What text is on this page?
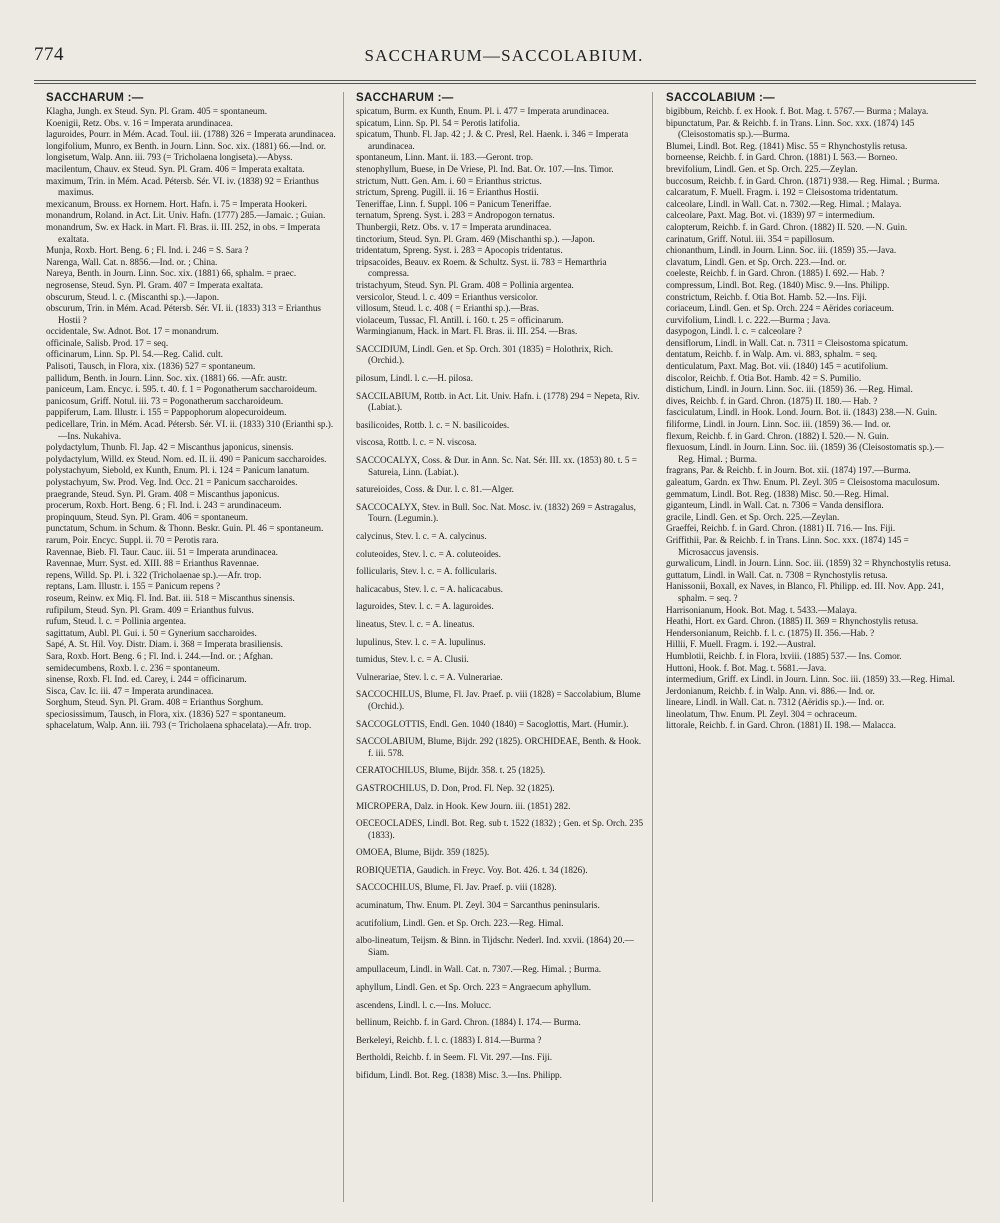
774	SACCHARUM—SACCOLABIUM.
SACCHARUM :—

Klagha, Jungh. ex Steud. Syn. Pl. Gram. 405 = spontaneum.

Koenigii, Retz. Obs. v. 16 = Imperata arundinacea.

laguroides, Pourr. in Mém. Acad. Toul. iii. (1788) 326 = Imperata arundinacea.

longifolium, Munro, ex Benth. in Journ. Linn. Soc. xix. (1881) 66.—Ind. or.

longisetum, Walp. Ann. iii. 793 (= Tricholaena longiseta).—Abyss.

macilentum, Chauv. ex Steud. Syn. Pl. Gram. 406 = Imperata exaltata.

maximum, Trin. in Mém. Acad. Pétersb. Sér. VI. iv. (1838) 92 = Erianthus maximus.

mexicanum, Brouss. ex Hornem. Hort. Hafn. i. 75 = Imperata Hookeri.

monandrum, Roland. in Act. Lit. Univ. Hafn. (1777) 285.—Jamaic. ; Guian.

monandrum, Sw. ex Hack. in Mart. Fl. Bras. ii. III. 252, in obs. = Imperata exaltata.

Munja, Roxb. Hort. Beng. 6 ; Fl. Ind. i. 246 = S. Sara ?

Narenga, Wall. Cat. n. 8856.—Ind. or. ; China.

Nareya, Benth. in Journ. Linn. Soc. xix. (1881) 66, sphalm. = praec.

negrosense, Steud. Syn. Pl. Gram. 407 = Imperata exaltata.

obscurum, Steud. l. c. (Miscanthi sp.).—Japon.

obscurum, Trin. in Mém. Acad. Pétersb. Sér. VI. ii. (1833) 313 = Erianthus Hostii ?

occidentale, Sw. Adnot. Bot. 17 = monandrum.

officinale, Salisb. Prod. 17 = seq.

officinarum, Linn. Sp. Pl. 54.—Reg. Calid. cult.

Palisoti, Tausch, in Flora, xix. (1836) 527 = spontaneum.

pallidum, Benth. in Journ. Linn. Soc. xix. (1881) 66. —Afr. austr.

paniceum, Lam. Encyc. i. 595. t. 40. f. 1 = Pogonatherum saccharoideum.

panicosum, Griff. Notul. iii. 73 = Pogonatherum saccharoideum.

pappiferum, Lam. Illustr. i. 155 = Pappophorum alopecuroideum.

pedicellare, Trin. in Mém. Acad. Pétersb. Sér. VI. ii. (1833) 310 (Erianthi sp.).—Ins. Nukahiva.

polydactylum, Thunb. Fl. Jap. 42 = Miscanthus japonicus, sinensis.

polydactylum, Willd. ex Steud. Nom. ed. II. ii. 490 = Panicum saccharoides.

polystachyum, Siebold, ex Kunth, Enum. Pl. i. 124 = Panicum lanatum.

polystachyum, Sw. Prod. Veg. Ind. Occ. 21 = Panicum saccharoides.

praegrande, Steud. Syn. Pl. Gram. 408 = Miscanthus japonicus.

procerum, Roxb. Hort. Beng. 6 ; Fl. Ind. i. 243 = arundinaceum.

propinquum, Steud. Syn. Pl. Gram. 406 = spontaneum.

punctatum, Schum. in Schum. & Thonn. Beskr. Guin. Pl. 46 = spontaneum.

rarum, Poir. Encyc. Suppl. ii. 70 = Perotis rara.

Ravennae, Bieb. Fl. Taur. Cauc. iii. 51 = Imperata arundinacea.

Ravennae, Murr. Syst. ed. XIII. 88 = Erianthus Ravennae.

repens, Willd. Sp. Pl. i. 322 (Tricholaenae sp.).—Afr. trop.

reptans, Lam. Illustr. i. 155 = Panicum repens ?

roseum, Reinw. ex Miq. Fl. Ind. Bat. iii. 518 = Miscanthus sinensis.

rufipilum, Steud. Syn. Pl. Gram. 409 = Erianthus fulvus.

rufum, Steud. l. c. = Pollinia argentea.

sagittatum, Aubl. Pl. Gui. i. 50 = Gynerium saccharoides.

Sapé, A. St. Hil. Voy. Distr. Diam. i. 368 = Imperata brasiliensis.

Sara, Roxb. Hort. Beng. 6 ; Fl. Ind. i. 244.—Ind. or. ; Afghan.

semidecumbens, Roxb. l. c. 236 = spontaneum.

sinense, Roxb. Fl. Ind. ed. Carey, i. 244 = officinarum.

Sisca, Cav. Ic. iii. 47 = Imperata arundinacea.

Sorghum, Steud. Syn. Pl. Gram. 408 = Erianthus Sorghum.

speciosissimum, Tausch, in Flora, xix. (1836) 527 = spontaneum.

sphacelatum, Walp. Ann. iii. 793 (= Tricholaena sphacelata).—Afr. trop.

SACCHARUM :—

spicatum, Burm. ex Kunth, Enum. Pl. i. 477 = Imperata arundinacea.

spicatum, Linn. Sp. Pl. 54 = Perotis latifolia.

spicatum, Thunb. Fl. Jap. 42 ; J. & C. Presl, Rel. Haenk. i. 346 = Imperata arundinacea.

spontaneum, Linn. Mant. ii. 183.—Geront. trop.

stenophyllum, Buese, in De Vriese, Pl. Ind. Bat. Or. 107.—Ins. Timor.

strictum, Nutt. Gen. Am. i. 60 = Erianthus strictus.

strictum, Spreng. Pugill. ii. 16 = Erianthus Hostii.

Teneriffae, Linn. f. Suppl. 106 = Panicum Teneriffae.

ternatum, Spreng. Syst. i. 283 = Andropogon ternatus.

Thunbergii, Retz. Obs. v. 17 = Imperata arundinacea.

tinctorium, Steud. Syn. Pl. Gram. 469 (Mischanthi sp.). —Japon.

tridentatum, Spreng. Syst. i. 283 = Apocopis tridentatus.

tripsacoides, Beauv. ex Roem. & Schultz. Syst. ii. 783 = Hemarthria compressa.

tristachyum, Steud. Syn. Pl. Gram. 408 = Pollinia argentea.

versicolor, Steud. l. c. 409 = Erianthus versicolor.

villosum, Steud. l. c. 408 ( = Erianthi sp.).—Bras.

violaceum, Tussac, Fl. Antill. i. 160. t. 25 = officinarum.

Warmingianum, Hack. in Mart. Fl. Bras. ii. III. 254. —Bras.

SACCIDIUM, Lindl. Gen. et Sp. Orch. 301 (1835) = Holothrix, Rich. (Orchid.).

pilosum, Lindl. l. c.—H. pilosa.

SACCILABIUM, Rottb. in Act. Lit. Univ. Hafn. i. (1778) 294 = Nepeta, Riv. (Labiat.).

basilicoides, Rottb. l. c. = N. basilicoides.

viscosa, Rottb. l. c. = N. viscosa.

SACCOCALYX, Coss. & Dur. in Ann. Sc. Nat. Sér. III. xx. (1853) 80. t. 5 = Satureia, Linn. (Labiat.).

satureioides, Coss. & Dur. l. c. 81.—Alger.

SACCOCALYX, Stev. in Bull. Soc. Nat. Mosc. iv. (1832) 269 = Astragalus, Tourn. (Legumin.).

calycinus, Stev. l. c. = A. calycinus.

coluteoides, Stev. l. c. = A. coluteoides.

follicularis, Stev. l. c. = A. follicularis.

halicacabus, Stev. l. c. = A. halicacabus.

laguroides, Stev. l. c. = A. laguroides.

lineatus, Stev. l. c. = A. lineatus.

lupulinus, Stev. l. c. = A. lupulinus.

tumidus, Stev. l. c. = A. Clusii.

Vulnerariae, Stev. l. c. = A. Vulnerariae.

SACCOCHILUS, Blume, Fl. Jav. Praef. p. viii (1828) = Saccolabium, Blume (Orchid.).

SACCOGLOTTIS, Endl. Gen. 1040 (1840) = Sacoglottis, Mart. (Humir.).

SACCOLABIUM, Blume, Bijdr. 292 (1825). ORCHIDEAE, Benth. & Hook. f. iii. 578.

CERATOCHILUS, Blume, Bijdr. 358. t. 25 (1825).

GASTROCHILUS, D. Don, Prod. Fl. Nep. 32 (1825).

MICROPERA, Dalz. in Hook. Kew Journ. iii. (1851) 282.

OECEOCLADES, Lindl. Bot. Reg. sub t. 1522 (1832) ; Gen. et Sp. Orch. 235 (1833).

OMOEA, Blume, Bijdr. 359 (1825).

ROBIQUETIA, Gaudich. in Freyc. Voy. Bot. 426. t. 34 (1826).

SACCOCHILUS, Blume, Fl. Jav. Praef. p. viii (1828).

acuminatum, Thw. Enum. Pl. Zeyl. 304 = Sarcanthus peninsularis.

acutifolium, Lindl. Gen. et Sp. Orch. 223.—Reg. Himal.

albo-lineatum, Teijsm. & Binn. in Tijdschr. Nederl. Ind. xxvii. (1864) 20.—Siam.

ampullaceum, Lindl. in Wall. Cat. n. 7307.—Reg. Himal. ; Burma.

aphyllum, Lindl. Gen. et Sp. Orch. 223 = Angraecum aphyllum.

ascendens, Lindl. l. c.—Ins. Molucc.

bellinum, Reichb. f. in Gard. Chron. (1884) I. 174.— Burma.

Berkeleyi, Reichb. f. l. c. (1883) I. 814.—Burma ?

Bertholdi, Reichb. f. in Seem. Fl. Vit. 297.—Ins. Fiji.

bifidum, Lindl. Bot. Reg. (1838) Misc. 3.—Ins. Philipp.

SACCOLABIUM :—

bigibbum, Reichb. f. ex Hook. f. Bot. Mag. t. 5767.— Burma ; Malaya.

bipunctatum, Par. & Reichb. f. in Trans. Linn. Soc. xxx. (1874) 145 (Cleisostomatis sp.).—Burma.

Blumei, Lindl. Bot. Reg. (1841) Misc. 55 = Rhynchostylis retusa.

borneense, Reichb. f. in Gard. Chron. (1881) I. 563.— Borneo.

brevifolium, Lindl. Gen. et Sp. Orch. 225.—Zeylan.

buccosum, Reichb. f. in Gard. Chron. (1871) 938.— Reg. Himal. ; Burma.

calcaratum, F. Muell. Fragm. i. 192 = Cleisostoma tridentatum.

calceolare, Lindl. in Wall. Cat. n. 7302.—Reg. Himal. ; Malaya.

calceolare, Paxt. Mag. Bot. vi. (1839) 97 = intermedium.

calopterum, Reichb. f. in Gard. Chron. (1882) II. 520. —N. Guin.

carinatum, Griff. Notul. iii. 354 = papillosum.

chionanthum, Lindl. in Journ. Linn. Soc. iii. (1859) 35.—Java.

clavatum, Lindl. Gen. et Sp. Orch. 223.—Ind. or.

coeleste, Reichb. f. in Gard. Chron. (1885) I. 692.— Hab. ?

compressum, Lindl. Bot. Reg. (1840) Misc. 9.—Ins. Philipp.

constrictum, Reichb. f. Otia Bot. Hamb. 52.—Ins. Fiji.

coriaceum, Lindl. Gen. et Sp. Orch. 224 = Aërides coriaceum.

curvifolium, Lindl. l. c. 222.—Burma ; Java.

dasypogon, Lindl. l. c. = calceolare ?

densiflorum, Lindl. in Wall. Cat. n. 7311 = Cleisostoma spicatum.

dentatum, Reichb. f. in Walp. Am. vi. 883, sphalm. = seq.

denticulatum, Paxt. Mag. Bot. vii. (1840) 145 = acutifolium.

discolor, Reichb. f. Otia Bot. Hamb. 42 = S. Pumilio.

distichum, Lindl. in Journ. Linn. Soc. iii. (1859) 36. —Reg. Himal.

dives, Reichb. f. in Gard. Chron. (1875) II. 180.— Hab. ?

fasciculatum, Lindl. in Hook. Lond. Journ. Bot. ii. (1843) 238.—N. Guin.

filiforme, Lindl. in Journ. Linn. Soc. iii. (1859) 36.— Ind. or.

flexum, Reichb. f. in Gard. Chron. (1882) I. 520.— N. Guin.

flexuosum, Lindl. in Journ. Linn. Soc. iii. (1859) 36 (Cleisostomatis sp.).—Reg. Himal. ; Burma.

fragrans, Par. & Reichb. f. in Journ. Bot. xii. (1874) 197.—Burma.

galeatum, Gardn. ex Thw. Enum. Pl. Zeyl. 305 = Cleisostoma maculosum.

gemmatum, Lindl. Bot. Reg. (1838) Misc. 50.—Reg. Himal.

giganteum, Lindl. in Wall. Cat. n. 7306 = Vanda densiflora.

gracile, Lindl. Gen. et Sp. Orch. 225.—Zeylan.

Graeffei, Reichb. f. in Gard. Chron. (1881) II. 716.— Ins. Fiji.

Griffithii, Par. & Reichb. f. in Trans. Linn. Soc. xxx. (1874) 145 = Microsaccus javensis.

gurwalicum, Lindl. in Journ. Linn. Soc. iii. (1859) 32 = Rhynchostylis retusa.

guttatum, Lindl. in Wall. Cat. n. 7308 = Rynchostylis retusa.

Hanissonii, Boxall, ex Naves, in Blanco, Fl. Philipp. ed. III. Nov. App. 241, sphalm. = seq. ?

Harrisonianum, Hook. Bot. Mag. t. 5433.—Malaya.

Heathi, Hort. ex Gard. Chron. (1885) II. 369 = Rhynchostylis retusa.

Hendersonianum, Reichb. f. l. c. (1875) II. 356.—Hab. ?

Hillii, F. Muell. Fragm. i. 192.—Austral.

Humblotii, Reichb. f. in Flora, lxviii. (1885) 537.— Ins. Comor.

Huttoni, Hook. f. Bot. Mag. t. 5681.—Java.

intermedium, Griff. ex Lindl. in Journ. Linn. Soc. iii. (1859) 33.—Reg. Himal.

Jerdonianum, Reichb. f. in Walp. Ann. vi. 886.— Ind. or.

lineare, Lindl. in Wall. Cat. n. 7312 (Aëridis sp.).— Ind. or.

lineolatum, Thw. Enum. Pl. Zeyl. 304 = ochraceum.

littorale, Reichb. f. in Gard. Chron. (1881) II. 198.— Malacca.
